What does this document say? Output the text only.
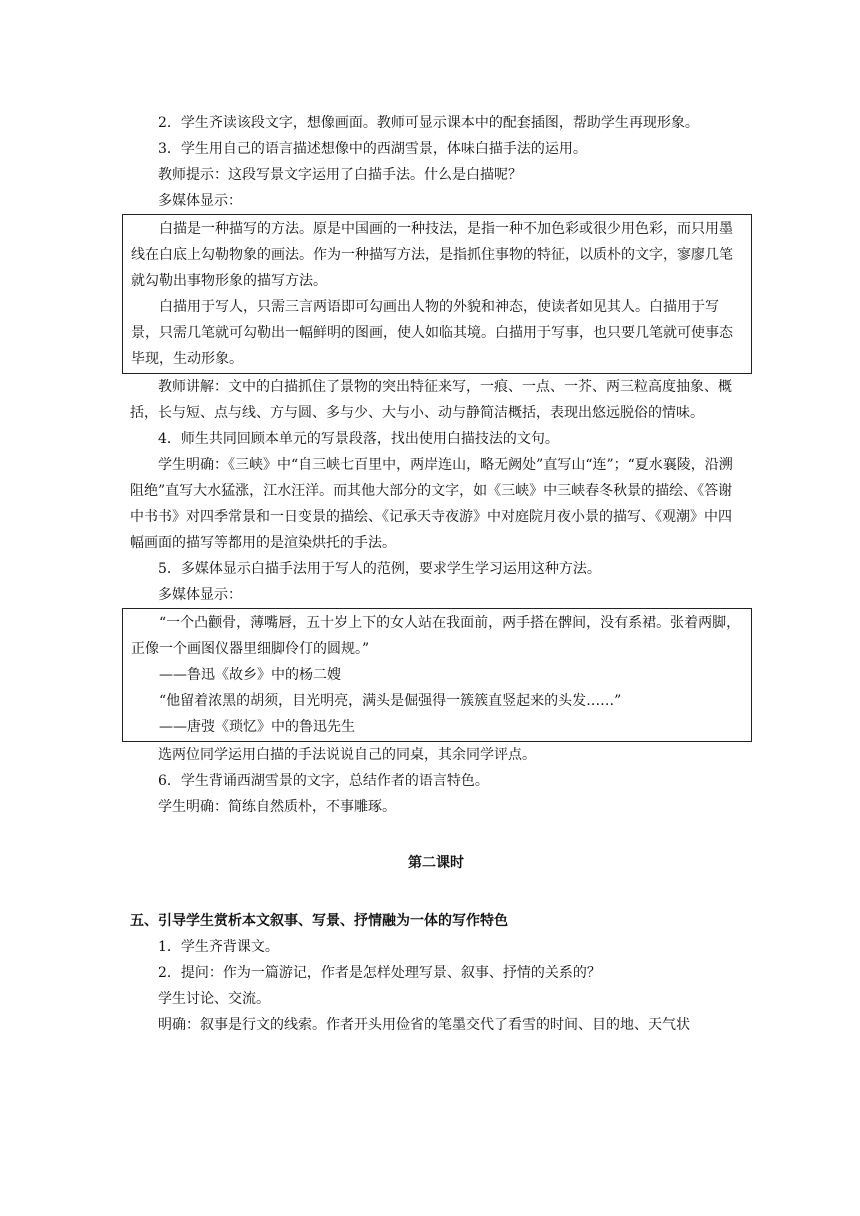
2．学生齐读该段文字，想像画面。教师可显示课本中的配套插图，帮助学生再现形象。

3．学生用自己的语言描述想像中的西湖雪景，体味白描手法的运用。

教师提示：这段写景文字运用了白描手法。什么是白描呢？

多媒体显示：

白描是一种描写的方法。原是中国画的一种技法，是指一种不加色彩或很少用色彩，而只用墨线在白底上勾勒物象的画法。作为一种描写方法，是指抓住事物的特征，以质朴的文字，寥廖几笔就勾勒出事物形象的描写方法。

白描用于写人，只需三言两语即可勾画出人物的外貌和神态，使读者如见其人。白描用于写景，只需几笔就可勾勒出一幅鲜明的图画，使人如临其境。白描用于写事，也只要几笔就可使事态毕现，生动形象。

教师讲解：文中的白描抓住了景物的突出特征来写，一痕、一点、一芥、两三粒高度抽象、概括，长与短、点与线、方与圆、多与少、大与小、动与静简洁概括，表现出悠远脱俗的情味。

4．师生共同回顾本单元的写景段落，找出使用白描技法的文句。

学生明确：《三峡》中“自三峡七百里中，两岸连山，略无阙处”直写山“连”；“夏水襄陵，沿溯阻绝”直写大水猛涨，江水汪洋。而其他大部分的文字，如《三峡》中三峡春冬秋景的描绘、《答谢中书书》对四季常景和一日变景的描绘、《记承天寺夜游》中对庭院月夜小景的描写、《观潮》中四幅画面的描写等都用的是渲染烘托的手法。

5．多媒体显示白描手法用于写人的范例，要求学生学习运用这种方法。

多媒体显示：

“一个凸颧骨，薄嘴唇，五十岁上下的女人站在我面前，两手搭在髀间，没有系裙。张着两脚，正像一个画图仪器里细脚伶仃的圆规。”

——鲁迅《故乡》中的杨二嫂

“他留着浓黑的胡须，目光明亮，满头是倔强得一簇簇直竖起来的头发……”

——唐弢《琐忆》中的鲁迅先生

选两位同学运用白描的手法说说自己的同桌，其余同学评点。

6．学生背诵西湖雪景的文字，总结作者的语言特色。

学生明确：简练自然质朴，不事雕琢。

第二课时

五、引导学生赏析本文叙事、写景、抒情融为一体的写作特色

1．学生齐背课文。

2．提问：作为一篇游记，作者是怎样处理写景、叙事、抒情的关系的？

学生讨论、交流。

明确：叙事是行文的线索。作者开头用俭省的笔墨交代了看雪的时间、目的地、天气状
